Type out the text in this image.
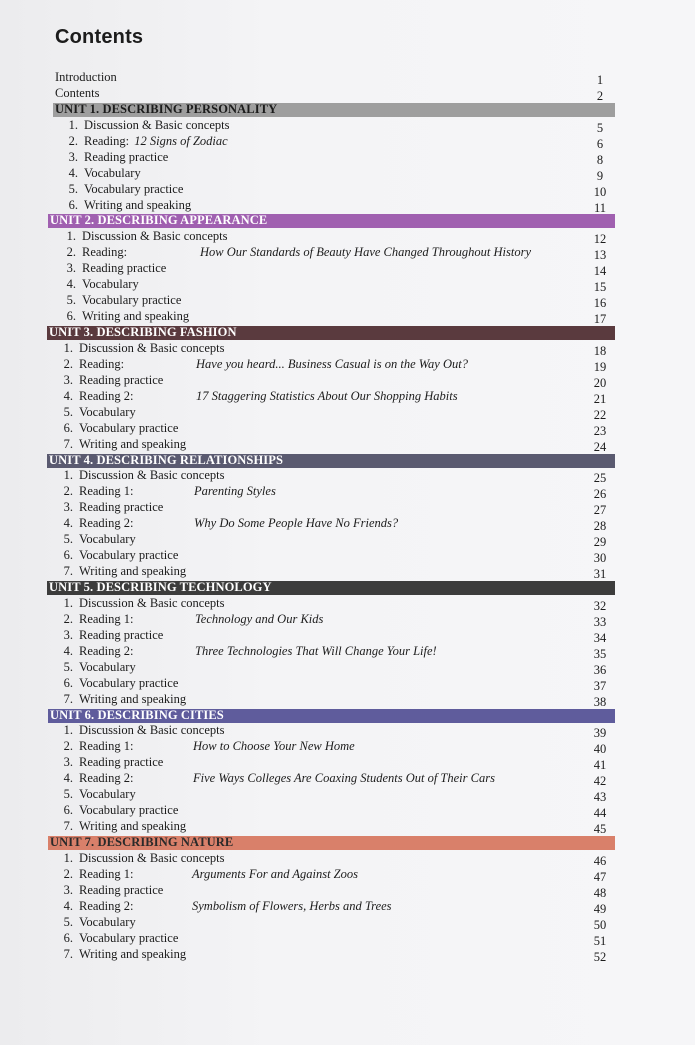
Contents
Introduction	1
Contents	2
UNIT 1. DESCRIBING PERSONALITY
1. Discussion & Basic concepts	5
2. Reading: 12 Signs of Zodiac	6
3. Reading practice	8
4. Vocabulary	9
5. Vocabulary practice	10
6. Writing and speaking	11
UNIT 2. DESCRIBING APPEARANCE
1. Discussion & Basic concepts	12
2. Reading:	How Our Standards of Beauty Have Changed Throughout History	13
3. Reading practice	14
4. Vocabulary	15
5. Vocabulary practice	16
6. Writing and speaking	17
UNIT 3. DESCRIBING FASHION
1. Discussion & Basic concepts	18
2. Reading:	Have you heard... Business Casual is on the Way Out?	19
3. Reading practice	20
4. Reading 2:	17 Staggering Statistics About Our Shopping Habits	21
5. Vocabulary	22
6. Vocabulary practice	23
7. Writing and speaking	24
UNIT 4. DESCRIBING RELATIONSHIPS
1. Discussion & Basic concepts	25
2. Reading 1:	Parenting Styles	26
3. Reading practice	27
4. Reading 2:	Why Do Some People Have No Friends?	28
5. Vocabulary	29
6. Vocabulary practice	30
7. Writing and speaking	31
UNIT 5. DESCRIBING TECHNOLOGY
1. Discussion & Basic concepts	32
2. Reading 1:	Technology and Our Kids	33
3. Reading practice	34
4. Reading 2:	Three Technologies That Will Change Your Life!	35
5. Vocabulary	36
6. Vocabulary practice	37
7. Writing and speaking	38
UNIT 6. DESCRIBING CITIES
1. Discussion & Basic concepts	39
2. Reading 1:	How to Choose Your New Home	40
3. Reading practice	41
4. Reading 2:	Five Ways Colleges Are Coaxing Students Out of Their Cars	42
5. Vocabulary	43
6. Vocabulary practice	44
7. Writing and speaking	45
UNIT 7. DESCRIBING NATURE
1. Discussion & Basic concepts	46
2. Reading 1:	Arguments For and Against Zoos	47
3. Reading practice	48
4. Reading 2:	Symbolism of Flowers, Herbs and Trees	49
5. Vocabulary	50
6. Vocabulary practice	51
7. Writing and speaking	52
